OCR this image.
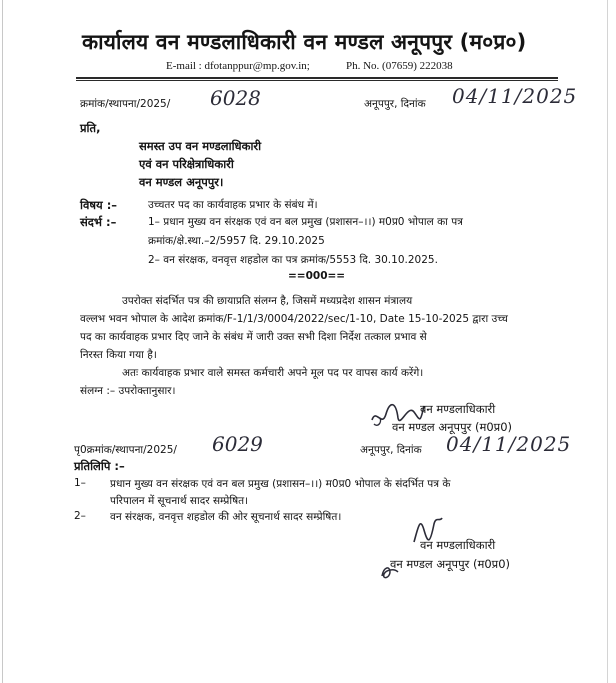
कार्यालय वन मण्डलाधिकारी वन मण्डल अनूपपुर (म०प्र०)
E-mail : dfotanppur@mp.gov.in;	Ph. No. (07659) 222038
क्रमांक/स्थापना/2025/ 6028	अनूपपुर, दिनांक 04/11/2025
प्रति,
समस्त उप वन मण्डलाधिकारी
एवं वन परिक्षेत्राधिकारी
वन मण्डल अनूपपुर।
विषय :–	उच्चतर पद का कार्यवाहक प्रभार के संबंध में।
संदर्भ :–	1– प्रधान मुख्य वन संरक्षक एवं वन बल प्रमुख (प्रशासन–।।) म0प्र0 भोपाल का पत्र
क्रमांक/क्षे.स्था.–2/5957 दि. 29.10.2025
2– वन संरक्षक, वनवृत्त शहडोल का पत्र क्रमांक/5553 दि. 30.10.2025.
==000==
उपरोक्त संदर्भित पत्र की छायाप्रति संलग्न है, जिसमें मध्यप्रदेश शासन मंत्रालय
वल्लभ भवन भोपाल के आदेश क्रमांक/F-1/1/3/0004/2022/sec/1-10, Date 15-10-2025 द्वारा उच्च
पद का कार्यवाहक प्रभार दिए जाने के संबंध में जारी उक्त सभी दिशा निर्देश तत्काल प्रभाव से
निरस्त किया गया है।
अतः कार्यवाहक प्रभार वाले समस्त कर्मचारी अपने मूल पद पर वापस कार्य करेंगे।
संलग्न :– उपरोक्तानुसार।
वन मण्डलाधिकारी
वन मण्डल अनूपपुर (म0प्र0)
पृ0क्रमांक/स्थापना/2025/ 6029	अनूपपुर, दिनांक 04/11/2025
प्रतिलिपि :–
1– प्रधान मुख्य वन संरक्षक एवं वन बल प्रमुख (प्रशासन–।।) म0प्र0 भोपाल के संदर्भित पत्र के
परिपालन में सूचनार्थ सादर सम्प्रेषित।
2– वन संरक्षक, वनवृत्त शहडोल की ओर सूचनार्थ सादर सम्प्रेषित।
वन मण्डलाधिकारी
वन मण्डल अनूपपुर (म0प्र0)
